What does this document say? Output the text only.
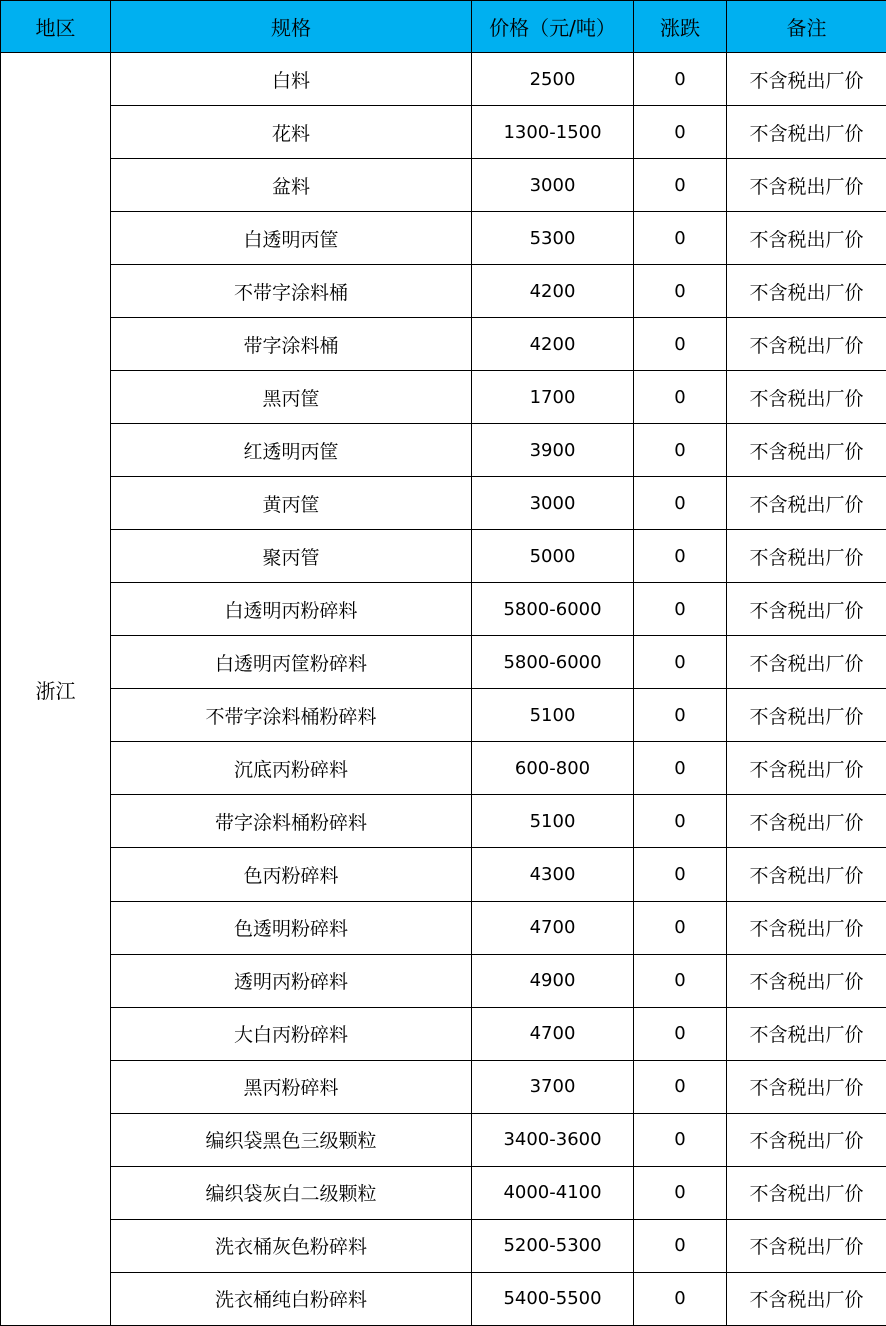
地区	规格	价格（元/吨）	涨跌	备注
浙江	白料	2500	0	不含税出厂价
	花料	1300-1500	0	不含税出厂价
	盆料	3000	0	不含税出厂价
	白透明丙筐	5300	0	不含税出厂价
	不带字涂料桶	4200	0	不含税出厂价
	带字涂料桶	4200	0	不含税出厂价
	黑丙筐	1700	0	不含税出厂价
	红透明丙筐	3900	0	不含税出厂价
	黄丙筐	3000	0	不含税出厂价
	聚丙管	5000	0	不含税出厂价
	白透明丙粉碎料	5800-6000	0	不含税出厂价
	白透明丙筐粉碎料	5800-6000	0	不含税出厂价
	不带字涂料桶粉碎料	5100	0	不含税出厂价
	沉底丙粉碎料	600-800	0	不含税出厂价
	带字涂料桶粉碎料	5100	0	不含税出厂价
	色丙粉碎料	4300	0	不含税出厂价
	色透明粉碎料	4700	0	不含税出厂价
	透明丙粉碎料	4900	0	不含税出厂价
	大白丙粉碎料	4700	0	不含税出厂价
	黑丙粉碎料	3700	0	不含税出厂价
	编织袋黑色三级颗粒	3400-3600	0	不含税出厂价
	编织袋灰白二级颗粒	4000-4100	0	不含税出厂价
	洗衣桶灰色粉碎料	5200-5300	0	不含税出厂价
	洗衣桶纯白粉碎料	5400-5500	0	不含税出厂价
